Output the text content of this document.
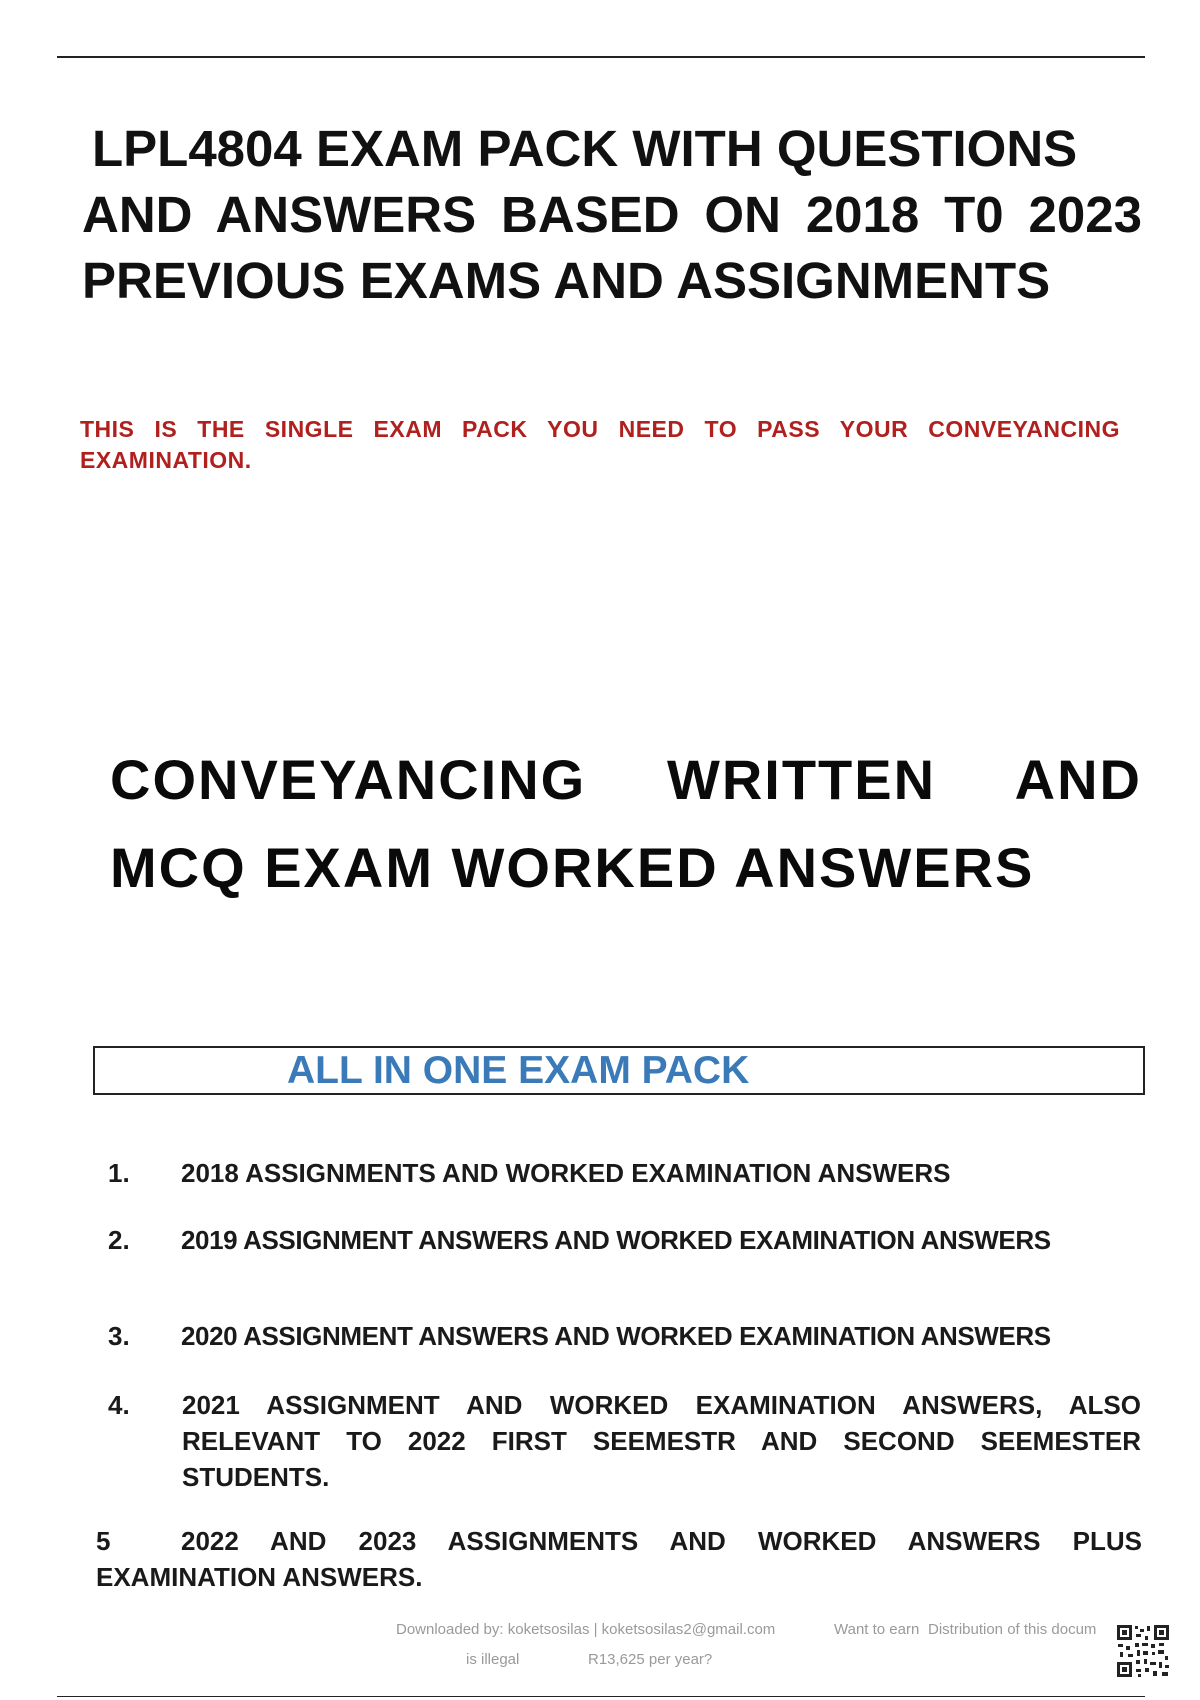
LPL4804 EXAM PACK WITH QUESTIONS
AND ANSWERS BASED ON 2018 T0 2023
PREVIOUS EXAMS AND ASSIGNMENTS
THIS IS THE SINGLE EXAM PACK YOU NEED TO PASS YOUR CONVEYANCING EXAMINATION.
CONVEYANCING WRITTEN AND
MCQ EXAM WORKED ANSWERS
ALL IN ONE EXAM PACK
1. 2018 ASSIGNMENTS AND WORKED EXAMINATION ANSWERS
2. 2019 ASSIGNMENT ANSWERS AND WORKED EXAMINATION ANSWERS
3. 2020 ASSIGNMENT ANSWERS AND WORKED EXAMINATION ANSWERS
4. 2021 ASSIGNMENT AND WORKED EXAMINATION ANSWERS, ALSO RELEVANT TO 2022 FIRST SEEMESTR AND SECOND SEEMESTER STUDENTS.
5	2022 AND 2023 ASSIGNMENTS AND WORKED ANSWERS PLUS EXAMINATION ANSWERS.
Downloaded by: koketsosilas | koketsosilas2@gmail.com	Want to earn Distribution of this docum
is illegal	R13,625 per year?
